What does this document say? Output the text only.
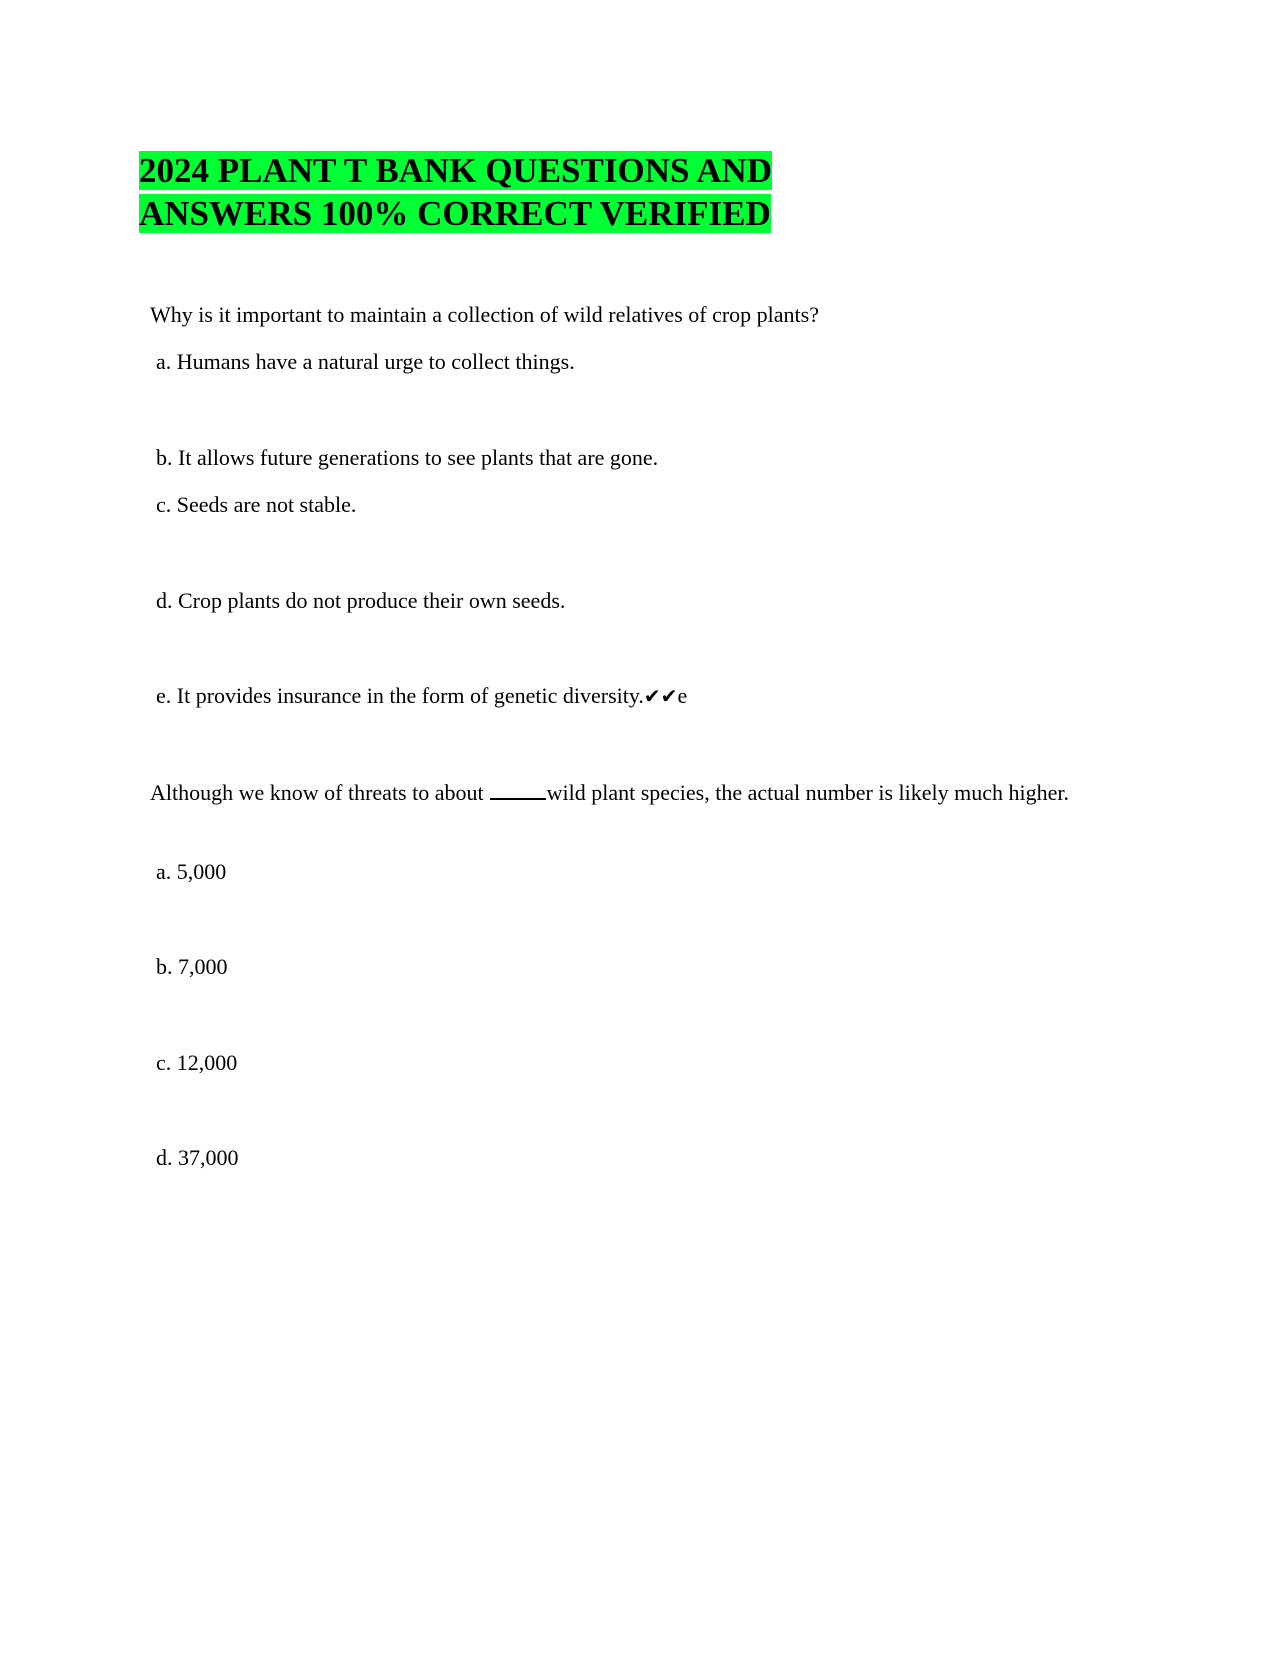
2024 PLANT T BANK QUESTIONS AND
ANSWERS 100% CORRECT VERIFIED

Why is it important to maintain a collection of wild relatives of crop plants?

a. Humans have a natural urge to collect things.

b. It allows future generations to see plants that are gone.

c. Seeds are not stable.

d. Crop plants do not produce their own seeds.

e. It provides insurance in the form of genetic diversity.✔✔e

Although we know of threats to about	wild plant species, the actual number is likely much higher.

a. 5,000

b. 7,000

c. 12,000

d. 37,000
